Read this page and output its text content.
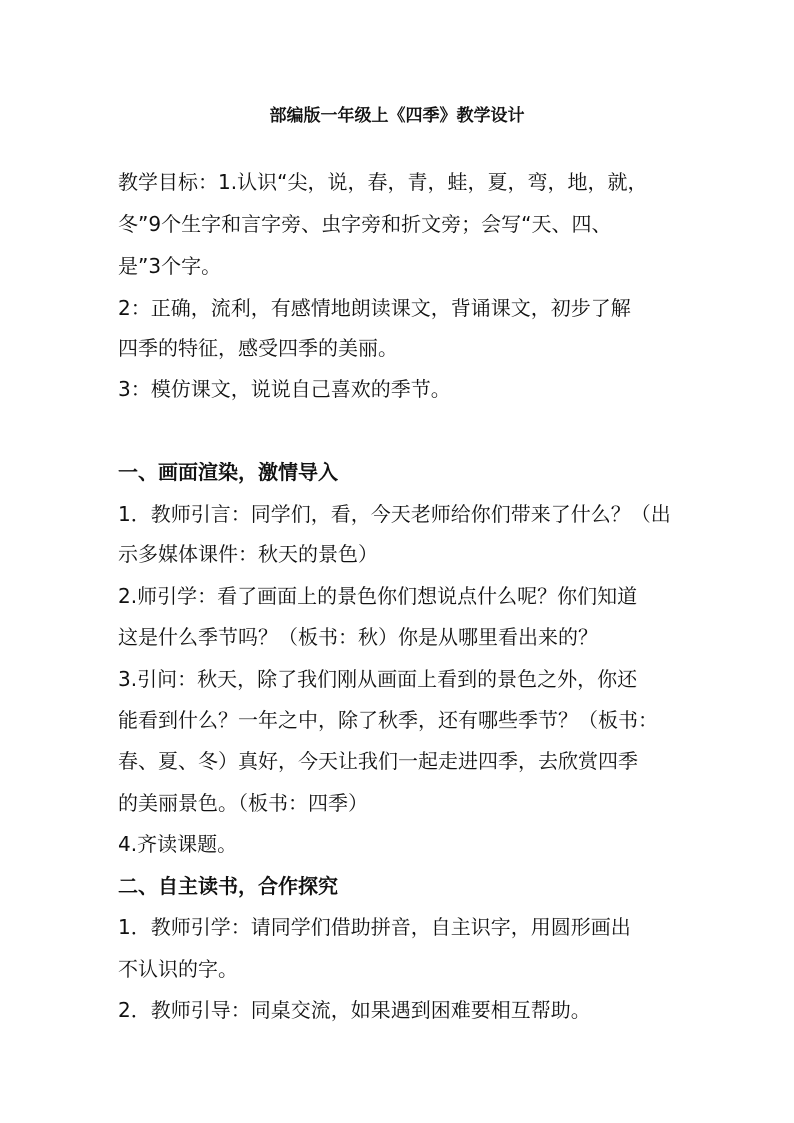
部编版一年级上《四季》教学设计
教学目标：1.认识“尖，说，春，青，蛙，夏，弯，地，就，
冬”9个生字和言字旁、虫字旁和折文旁；会写“天、四、
是”3个字。
2：正确，流利，有感情地朗读课文，背诵课文，初步了解
四季的特征，感受四季的美丽。
3：模仿课文，说说自己喜欢的季节。
一、画面渲染，激情导入
1．教师引言：同学们，看，今天老师给你们带来了什么？（出
示多媒体课件：秋天的景色）
2.师引学：看了画面上的景色你们想说点什么呢？你们知道
这是什么季节吗？（板书：秋）你是从哪里看出来的？
3.引问：秋天，除了我们刚从画面上看到的景色之外，你还
能看到什么？一年之中，除了秋季，还有哪些季节？（板书：
春、夏、冬）真好，今天让我们一起走进四季，去欣赏四季
的美丽景色。（板书：四季）
4.齐读课题。
二、自主读书，合作探究
1．教师引学：请同学们借助拼音，自主识字，用圆形画出
不认识的字。
2．教师引导：同桌交流，如果遇到困难要相互帮助。
